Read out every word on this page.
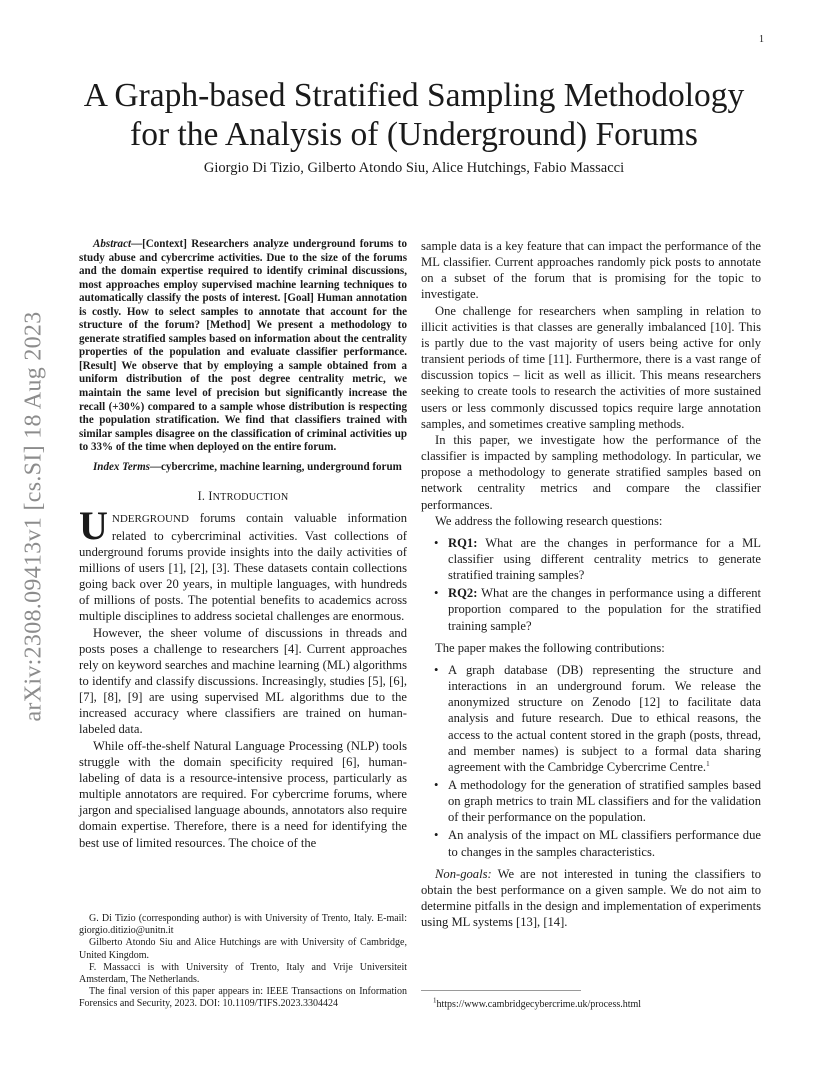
1
arXiv:2308.09413v1 [cs.SI] 18 Aug 2023
A Graph-based Stratified Sampling Methodology for the Analysis of (Underground) Forums
Giorgio Di Tizio, Gilberto Atondo Siu, Alice Hutchings, Fabio Massacci

Abstract—[Context] Researchers analyze underground forums to study abuse and cybercrime activities. Due to the size of the forums and the domain expertise required to identify criminal discussions, most approaches employ supervised machine learning techniques to automatically classify the posts of interest. [Goal] Human annotation is costly. How to select samples to annotate that account for the structure of the forum? [Method] We present a methodology to generate stratified samples based on information about the centrality properties of the population and evaluate classifier performance. [Result] We observe that by employing a sample obtained from a uniform distribution of the post degree centrality metric, we maintain the same level of precision but significantly increase the recall (+30%) compared to a sample whose distribution is respecting the population stratification. We find that classifiers trained with similar samples disagree on the classification of criminal activities up to 33% of the time when deployed on the entire forum.

Index Terms—cybercrime, machine learning, underground forum

I. INTRODUCTION

UNDERGROUND forums contain valuable information related to cybercriminal activities. Vast collections of underground forums provide insights into the daily activities of millions of users [1], [2], [3]. These datasets contain collections going back over 20 years, in multiple languages, with hundreds of millions of posts. The potential benefits to academics across multiple disciplines to address societal challenges are enormous.

However, the sheer volume of discussions in threads and posts poses a challenge to researchers [4]. Current approaches rely on keyword searches and machine learning (ML) algorithms to identify and classify discussions. Increasingly, studies [5], [6], [7], [8], [9] are using supervised ML algorithms due to the increased accuracy where classifiers are trained on human-labeled data.

While off-the-shelf Natural Language Processing (NLP) tools struggle with the domain specificity required [6], human-labeling of data is a resource-intensive process, particularly as multiple annotators are required. For cybercrime forums, where jargon and specialised language abounds, annotators also require domain expertise. Therefore, there is a need for identifying the best use of limited resources. The choice of the

G. Di Tizio (corresponding author) is with University of Trento, Italy. E-mail: giorgio.ditizio@unitn.it

Gilberto Atondo Siu and Alice Hutchings are with University of Cambridge, United Kingdom.

F. Massacci is with University of Trento, Italy and Vrije Universiteit Amsterdam, The Netherlands.

The final version of this paper appears in: IEEE Transactions on Information Forensics and Security, 2023. DOI: 10.1109/TIFS.2023.3304424

sample data is a key feature that can impact the performance of the ML classifier. Current approaches randomly pick posts to annotate on a subset of the forum that is promising for the topic to investigate.

One challenge for researchers when sampling in relation to illicit activities is that classes are generally imbalanced [10]. This is partly due to the vast majority of users being active for only transient periods of time [11]. Furthermore, there is a vast range of discussion topics – licit as well as illicit. This means researchers seeking to create tools to research the activities of more sustained users or less commonly discussed topics require large annotation samples, and sometimes creative sampling methods.

In this paper, we investigate how the performance of the classifier is impacted by sampling methodology. In particular, we propose a methodology to generate stratified samples based on network centrality metrics and compare the classifier performances.

We address the following research questions:

• RQ1: What are the changes in performance for a ML classifier using different centrality metrics to generate stratified training samples?
• RQ2: What are the changes in performance using a different proportion compared to the population for the stratified training sample?

The paper makes the following contributions:

• A graph database (DB) representing the structure and interactions in an underground forum. We release the anonymized structure on Zenodo [12] to facilitate data analysis and future research. Due to ethical reasons, the access to the actual content stored in the graph (posts, thread, and member names) is subject to a formal data sharing agreement with the Cambridge Cybercrime Centre.$^1$
• A methodology for the generation of stratified samples based on graph metrics to train ML classifiers and for the validation of their performance on the population.
• An analysis of the impact on ML classifiers performance due to changes in the samples characteristics.

Non-goals: We are not interested in tuning the classifiers to obtain the best performance on a given sample. We do not aim to determine pitfalls in the design and implementation of experiments using ML systems [13], [14].

$^1$https://www.cambridgecybercrime.uk/process.html
